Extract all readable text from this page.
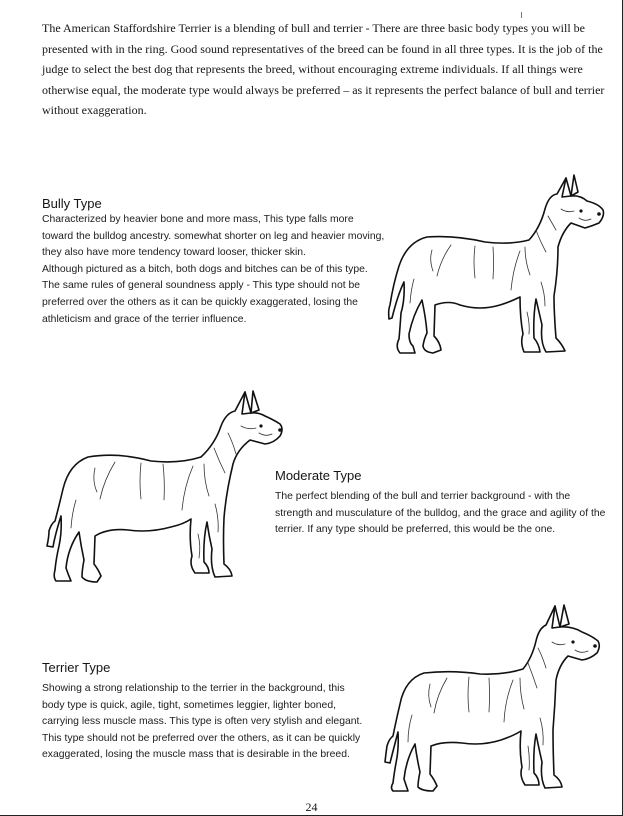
The American Staffordshire Terrier is a blending of bull and terrier - There are three basic body types you will be presented with in the ring. Good sound representatives of the breed can be found in all three types. It is the job of the judge to select the best dog that represents the breed, without encouraging extreme individuals. If all things were otherwise equal, the moderate type would always be preferred – as it represents the perfect balance of bull and terrier without exaggeration.

Bully Type

Characterized by heavier bone and more mass, This type falls more toward the bulldog ancestry. somewhat shorter on leg and heavier moving, they also have more tendency toward looser, thicker skin.

Although pictured as a bitch, both dogs and bitches can be of this type. The same rules of general soundness apply - This type should not be preferred over the others as it can be quickly exaggerated, losing the athleticism and grace of the terrier influence.

Moderate Type

The perfect blending of the bull and terrier background - with the strength and musculature of the bulldog, and the grace and agility of the terrier. If any type should be preferred, this would be the one.

Terrier Type

Showing a strong relationship to the terrier in the background, this body type is quick, agile, tight, sometimes leggier, lighter boned, carrying less muscle mass. This type is often very stylish and elegant. This type should not be preferred over the others, as it can be quickly exaggerated, losing the muscle mass that is desirable in the breed.

24
